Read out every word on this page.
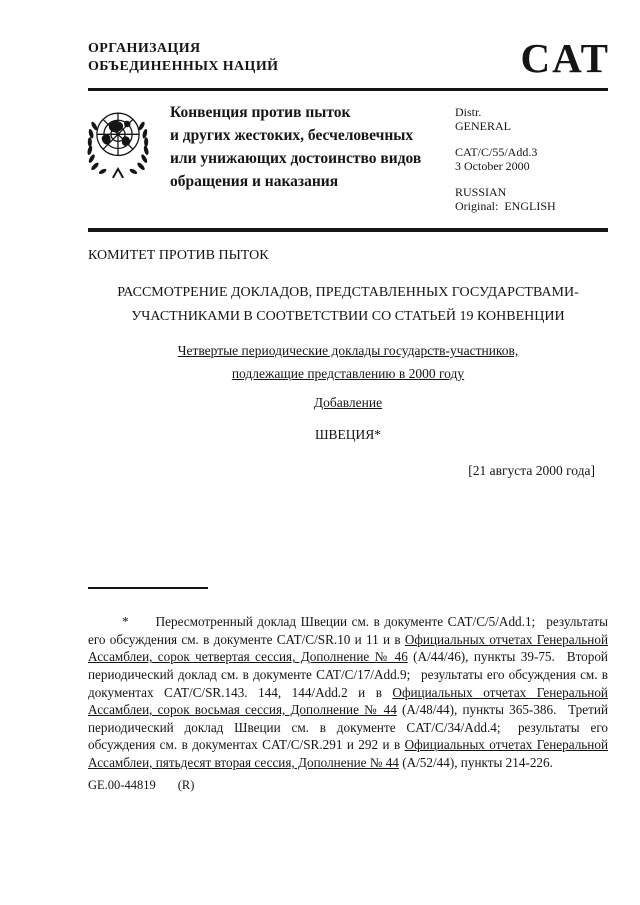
ОРГАНИЗАЦИЯ
ОБЪЕДИНЕННЫХ НАЦИЙ	CAT
Конвенция против пыток
и других жестоких, бесчеловечных
или унижающих достоинство видов
обращения и наказания
Distr.
GENERAL
CAT/C/55/Add.3
3 October 2000
RUSSIAN
Original: ENGLISH
КОМИТЕТ ПРОТИВ ПЫТОК
РАССМОТРЕНИЕ ДОКЛАДОВ, ПРЕДСТАВЛЕННЫХ ГОСУДАРСТВАМИ-
УЧАСТНИКАМИ В СООТВЕТСТВИИ СО СТАТЬЕЙ 19 КОНВЕНЦИИ
Четвертые периодические доклады государств-участников,
подлежащие представлению в 2000 году
Добавление
ШВЕЦИЯ*
[21 августа 2000 года]

* Пересмотренный доклад Швеции см. в документе CAT/C/5/Add.1;  результаты его обсуждения см. в документе CAT/C/SR.10 и 11 и в Официальных отчетах Генеральной Ассамблеи, сорок четвертая сессия, Дополнение № 46 (А/44/46), пункты 39-75.  Второй периодический доклад см. в документе CAT/C/17/Add.9;  результаты его обсуждения см. в документах CAT/C/SR.143. 144, 144/Add.2 и в Официальных отчетах Генеральной Ассамблеи, сорок восьмая сессия, Дополнение № 44 (А/48/44), пункты 365-386.  Третий периодический доклад Швеции см. в документе CAT/C/34/Add.4;  результаты его обсуждения см. в документах CAT/C/SR.291 и 292 и в Официальных отчетах Генеральной Ассамблеи, пятьдесят вторая сессия, Дополнение № 44 (А/52/44), пункты 214-226.

GE.00-44819 (R)
